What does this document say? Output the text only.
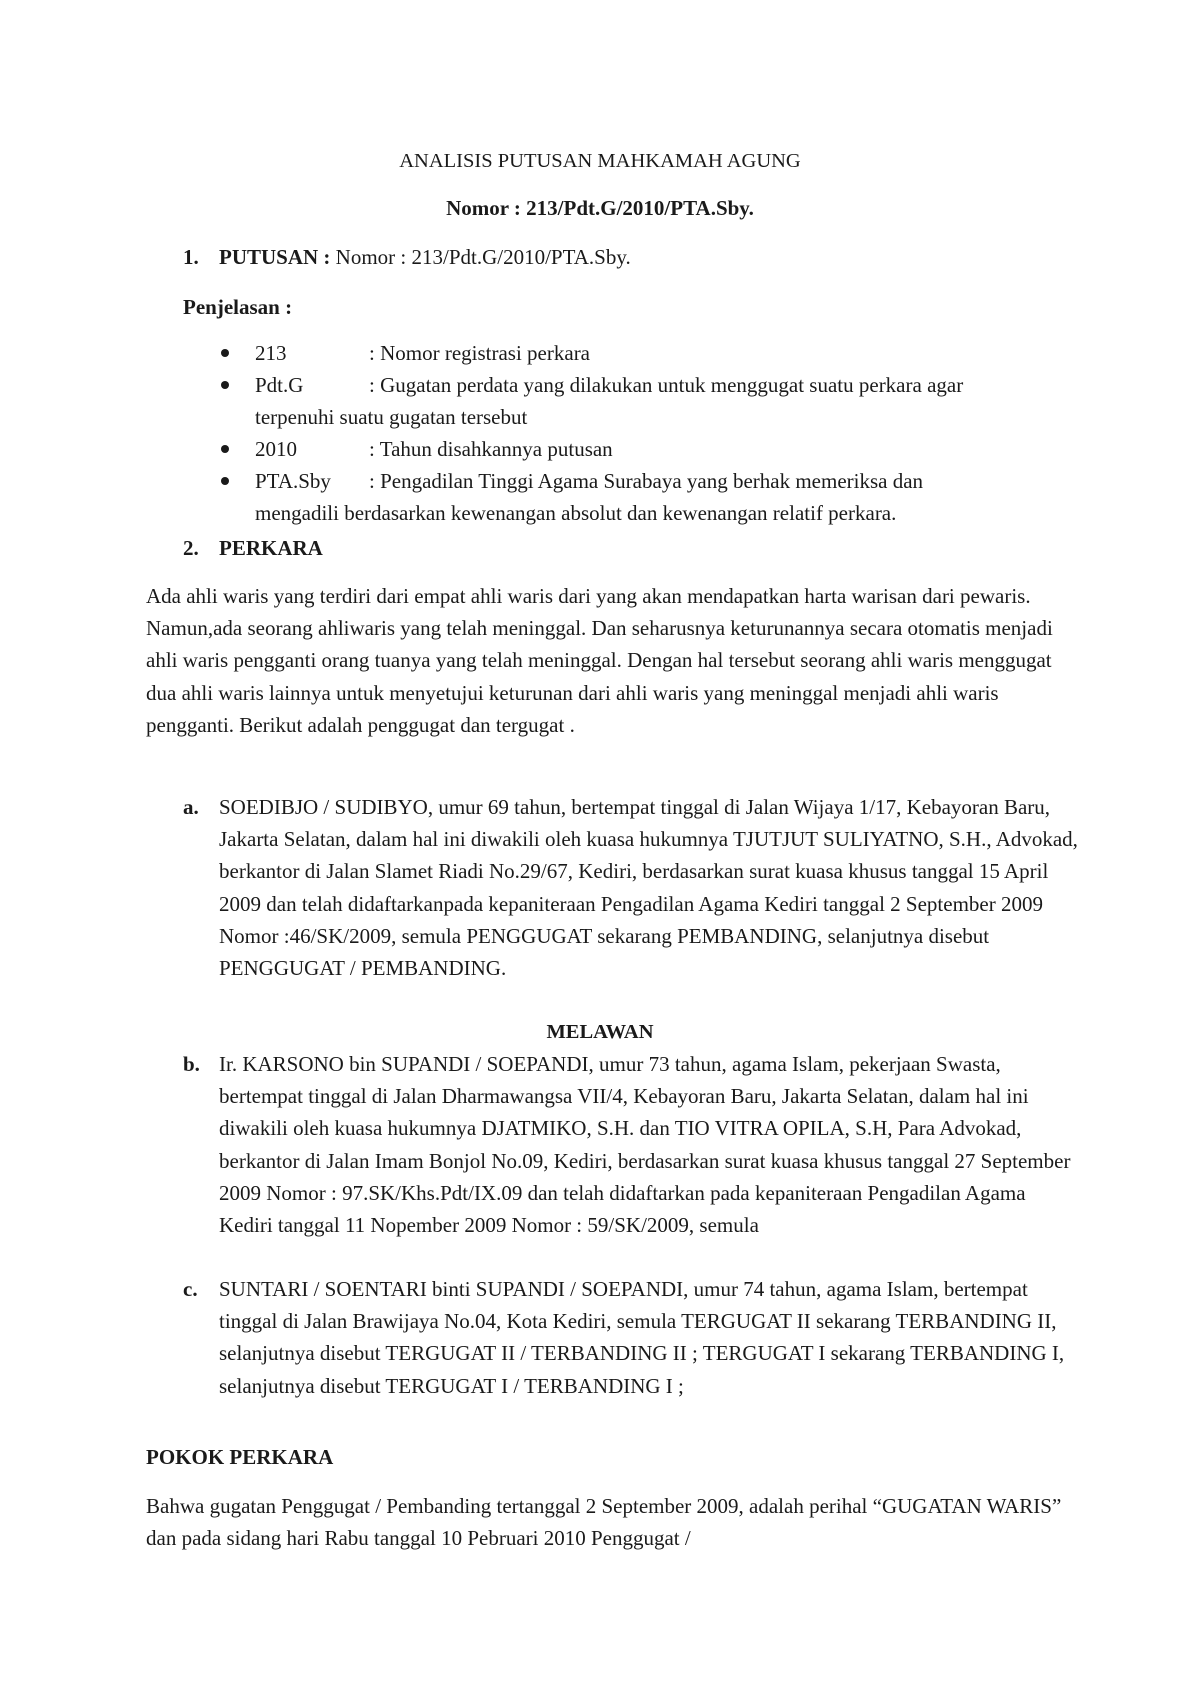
ANALISIS PUTUSAN MAHKAMAH AGUNG
Nomor : 213/Pdt.G/2010/PTA.Sby.
1. PUTUSAN : Nomor : 213/Pdt.G/2010/PTA.Sby.
Penjelasan :
213	: Nomor registrasi perkara
Pdt.G	: Gugatan perdata yang dilakukan untuk menggugat suatu perkara agar
terpenuhi suatu gugatan tersebut
2010	: Tahun disahkannya putusan
PTA.Sby : Pengadilan Tinggi Agama Surabaya yang berhak memeriksa dan
mengadili berdasarkan kewenangan absolut dan kewenangan relatif perkara.
2. PERKARA
Ada ahli waris yang terdiri dari empat ahli waris dari yang akan mendapatkan harta warisan dari pewaris. Namun,ada seorang ahliwaris yang telah meninggal. Dan seharusnya keturunannya secara otomatis menjadi ahli waris pengganti orang tuanya yang telah meninggal. Dengan hal tersebut seorang ahli waris menggugat dua ahli waris lainnya untuk menyetujui keturunan dari ahli waris yang meninggal menjadi ahli waris pengganti. Berikut adalah penggugat dan tergugat .
a. SOEDIBJO / SUDIBYO, umur 69 tahun, bertempat tinggal di Jalan Wijaya 1/17, Kebayoran Baru, Jakarta Selatan, dalam hal ini diwakili oleh kuasa hukumnya TJUTJUT SULIYATNO, S.H., Advokad, berkantor di Jalan Slamet Riadi No.29/67, Kediri, berdasarkan surat kuasa khusus tanggal 15 April 2009 dan telah didaftarkanpada kepaniteraan Pengadilan Agama Kediri tanggal 2 September 2009 Nomor :46/SK/2009, semula PENGGUGAT sekarang PEMBANDING, selanjutnya disebut PENGGUGAT / PEMBANDING.
MELAWAN
b. Ir. KARSONO bin SUPANDI / SOEPANDI, umur 73 tahun, agama Islam, pekerjaan Swasta, bertempat tinggal di Jalan Dharmawangsa VII/4, Kebayoran Baru, Jakarta Selatan, dalam hal ini diwakili oleh kuasa hukumnya DJATMIKO, S.H. dan TIO VITRA OPILA, S.H, Para Advokad, berkantor di Jalan Imam Bonjol No.09, Kediri, berdasarkan surat kuasa khusus tanggal 27 September 2009 Nomor : 97.SK/Khs.Pdt/IX.09 dan telah didaftarkan pada kepaniteraan Pengadilan Agama Kediri tanggal 11 Nopember 2009 Nomor : 59/SK/2009, semula
c. SUNTARI / SOENTARI binti SUPANDI / SOEPANDI, umur 74 tahun, agama Islam, bertempat tinggal di Jalan Brawijaya No.04, Kota Kediri, semula TERGUGAT II sekarang TERBANDING II, selanjutnya disebut TERGUGAT II / TERBANDING II ; TERGUGAT I sekarang TERBANDING I, selanjutnya disebut TERGUGAT I / TERBANDING I ;
POKOK PERKARA
Bahwa gugatan Penggugat / Pembanding tertanggal 2 September 2009, adalah perihal “GUGATAN WARIS” dan pada sidang hari Rabu tanggal 10 Pebruari 2010 Penggugat /
